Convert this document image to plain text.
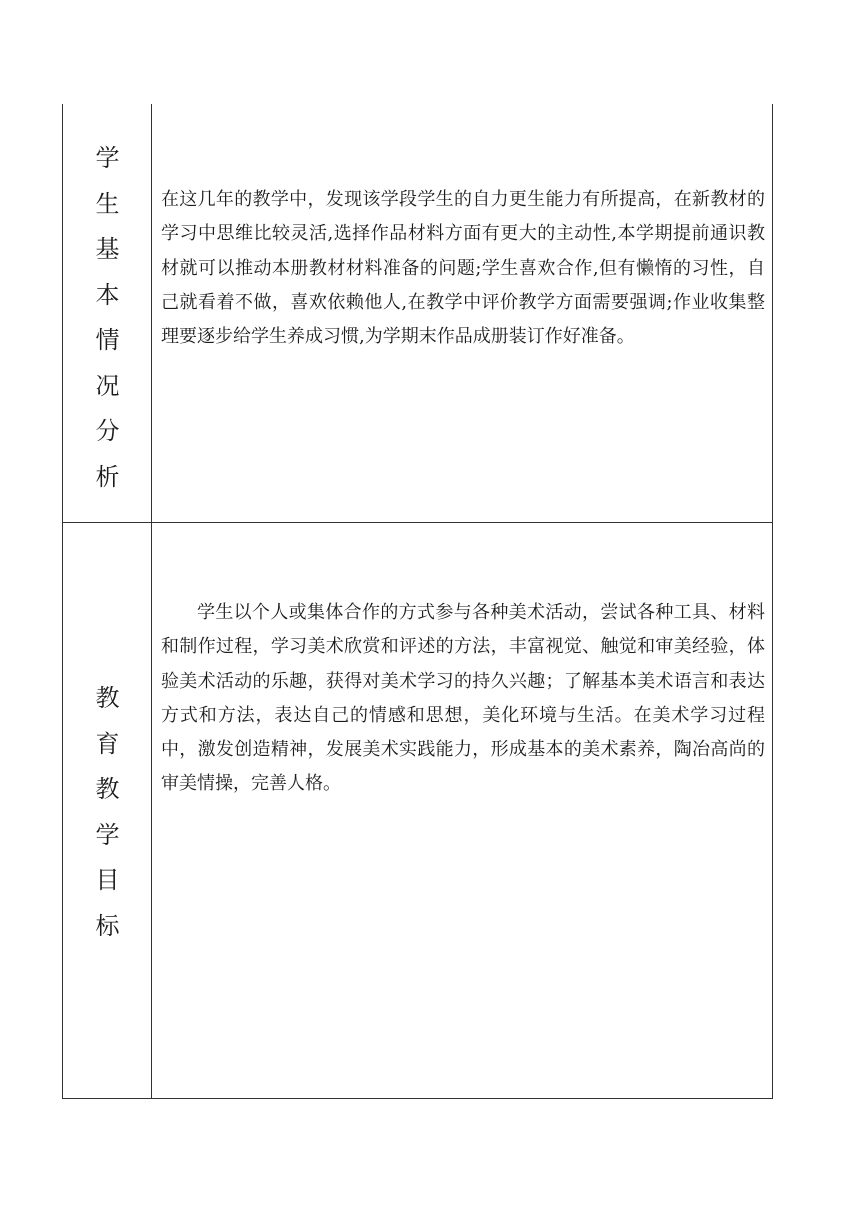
学
生
基
本
情
况
分
析

在这几年的教学中，发现该学段学生的自力更生能力有所提高，在新教材的学习中思维比较灵活,选择作品材料方面有更大的主动性,本学期提前通识教材就可以推动本册教材材料准备的问题;学生喜欢合作,但有懒惰的习性，自己就看着不做，喜欢依赖他人,在教学中评价教学方面需要强调;作业收集整理要逐步给学生养成习惯,为学期末作品成册装订作好准备。

教
育
教
学
目
标

学生以个人或集体合作的方式参与各种美术活动，尝试各种工具、材料和制作过程，学习美术欣赏和评述的方法，丰富视觉、触觉和审美经验，体验美术活动的乐趣，获得对美术学习的持久兴趣；了解基本美术语言和表达方式和方法，表达自己的情感和思想，美化环境与生活。在美术学习过程中，激发创造精神，发展美术实践能力，形成基本的美术素养，陶冶高尚的审美情操，完善人格。
